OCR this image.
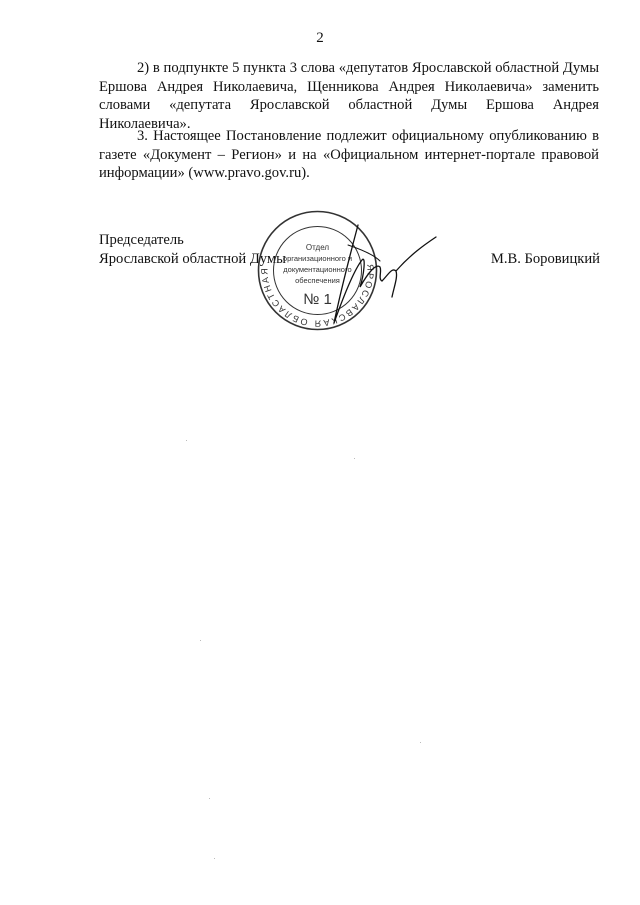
2

2) в подпункте 5 пункта 3 слова «депутатов Ярославской областной Думы Ершова Андрея Николаевича, Щенникова Андрея Николаевича» заменить словами «депутата Ярославской областной Думы Ершова Андрея Николаевича».

3. Настоящее Постановление подлежит официальному опубликованию в газете «Документ – Регион» и на «Официальном интернет-портале правовой информации» (www.pravo.gov.ru).

Председатель
Ярославской областной Думы	М.В. Боровицкий
ЯРОСЛАВСКАЯ ОБЛАСТНАЯ
Отдел
организационного и
документационного
обеспечения
№ 1
